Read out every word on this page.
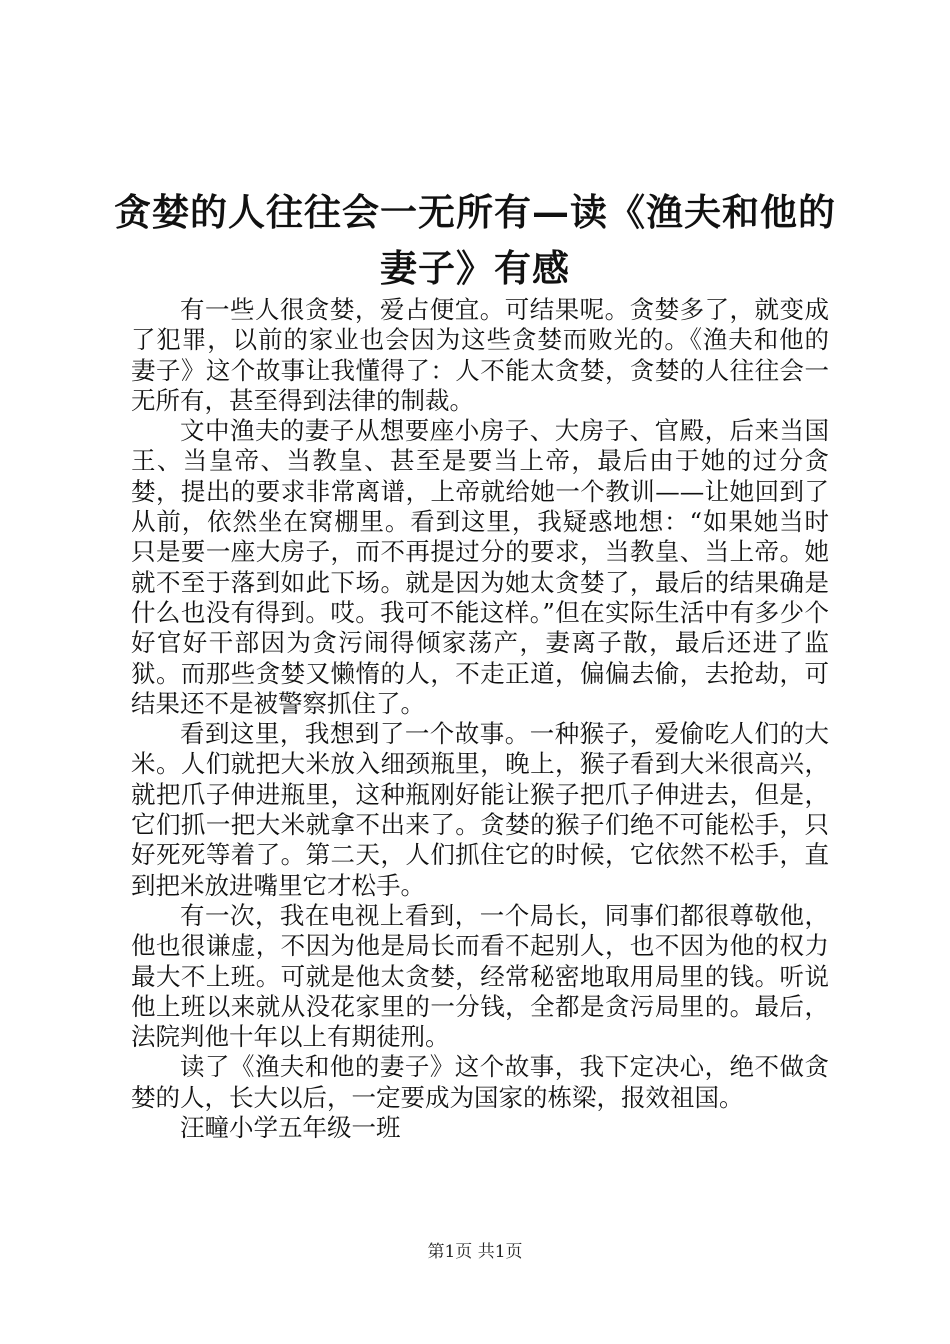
贪婪的人往往会一无所有—读《渔夫和他的妻子》有感

有一些人很贪婪，爱占便宜。可结果呢。贪婪多了，就变成了犯罪，以前的家业也会因为这些贪婪而败光的。《渔夫和他的妻子》这个故事让我懂得了：人不能太贪婪，贪婪的人往往会一无所有，甚至得到法律的制裁。

文中渔夫的妻子从想要座小房子、大房子、官殿，后来当国王、当皇帝、当教皇、甚至是要当上帝，最后由于她的过分贪婪，提出的要求非常离谱，上帝就给她一个教训——让她回到了从前，依然坐在窝棚里。看到这里，我疑惑地想：“如果她当时只是要一座大房子，而不再提过分的要求，当教皇、当上帝。她就不至于落到如此下场。就是因为她太贪婪了，最后的结果确是什么也没有得到。哎。我可不能这样。”但在实际生活中有多少个好官好干部因为贪污闹得倾家荡产，妻离子散，最后还进了监狱。而那些贪婪又懒惰的人，不走正道，偏偏去偷，去抢劫，可结果还不是被警察抓住了。

看到这里，我想到了一个故事。一种猴子，爱偷吃人们的大米。人们就把大米放入细颈瓶里，晚上，猴子看到大米很高兴，就把爪子伸进瓶里，这种瓶刚好能让猴子把爪子伸进去，但是，它们抓一把大米就拿不出来了。贪婪的猴子们绝不可能松手，只好死死等着了。第二天，人们抓住它的时候，它依然不松手，直到把米放进嘴里它才松手。

有一次，我在电视上看到，一个局长，同事们都很尊敬他，他也很谦虚，不因为他是局长而看不起别人，也不因为他的权力最大不上班。可就是他太贪婪，经常秘密地取用局里的钱。听说他上班以来就从没花家里的一分钱，全都是贪污局里的。最后，法院判他十年以上有期徒刑。

读了《渔夫和他的妻子》这个故事，我下定决心，绝不做贪婪的人，长大以后，一定要成为国家的栋梁，报效祖国。

汪疃小学五年级一班

第1页 共1页
